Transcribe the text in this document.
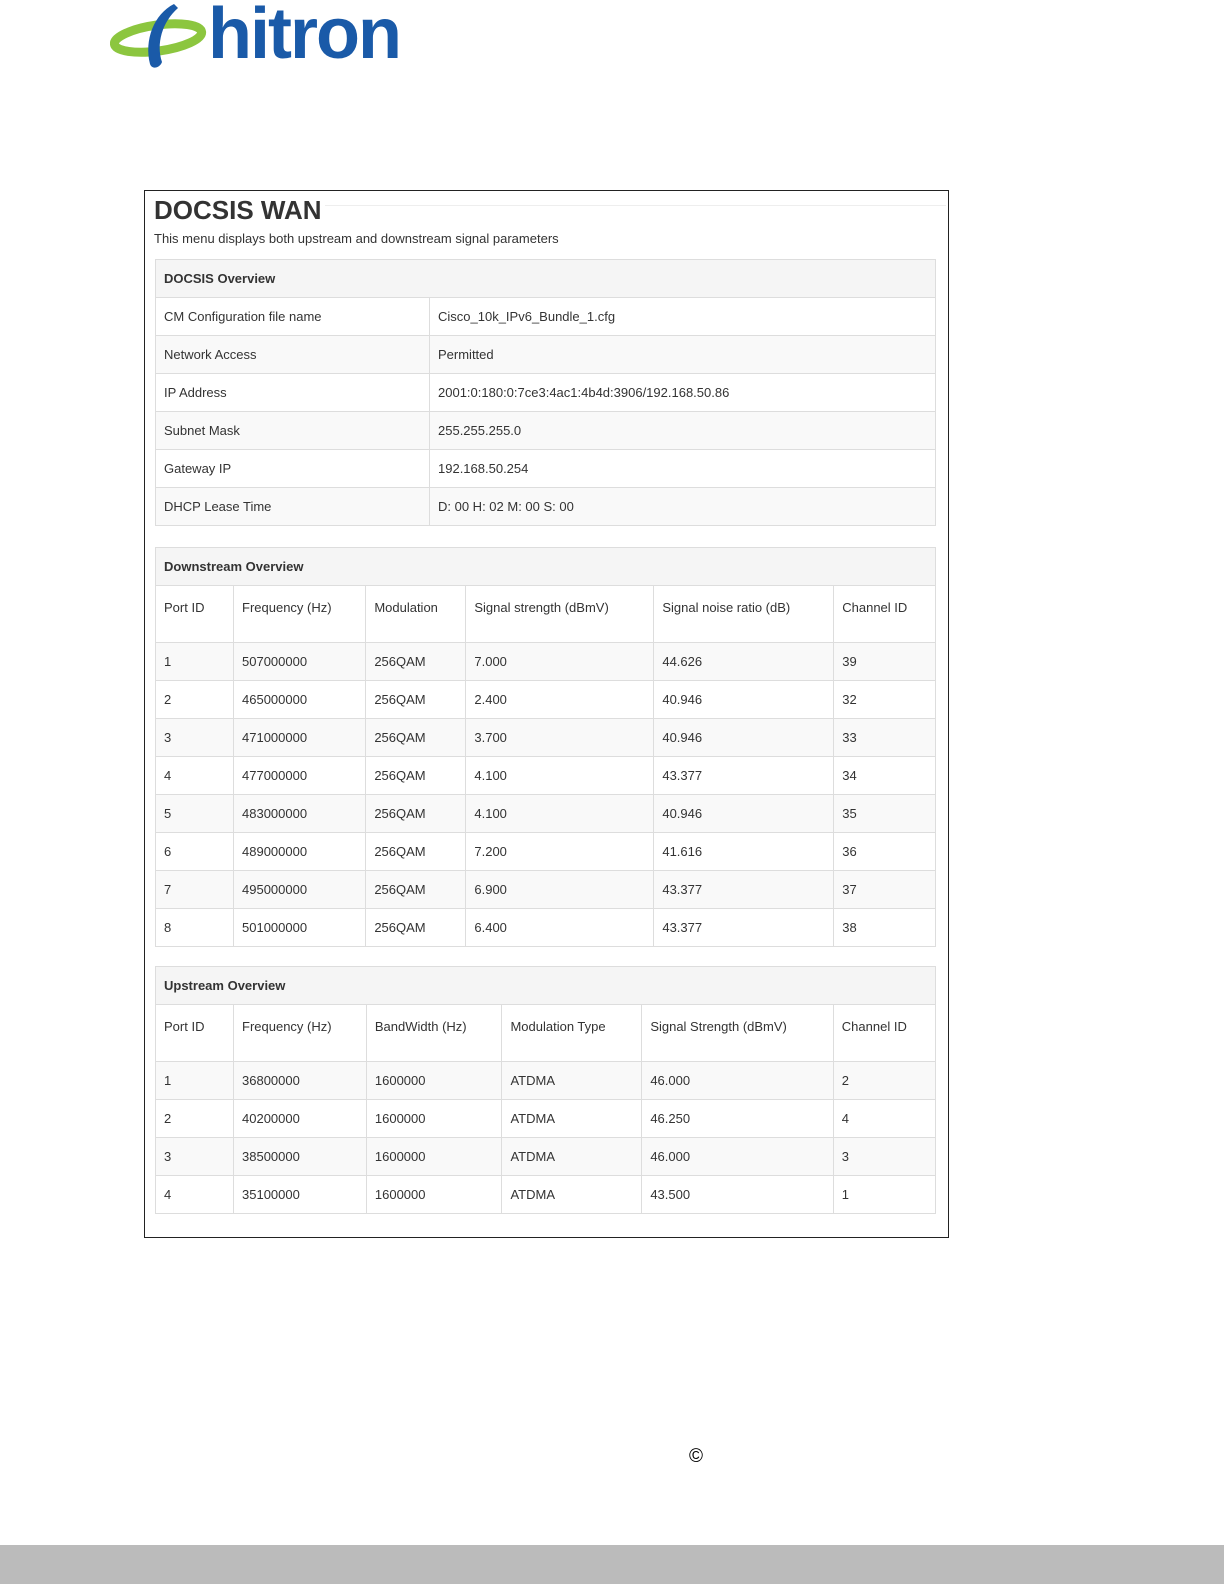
hitron
DOCSIS WAN
This menu displays both upstream and downstream signal parameters
DOCSIS Overview
CM Configuration file name	Cisco_10k_IPv6_Bundle_1.cfg
Network Access	Permitted
IP Address	2001:0:180:0:7ce3:4ac1:4b4d:3906/192.168.50.86
Subnet Mask	255.255.255.0
Gateway IP	192.168.50.254
DHCP Lease Time	D: 00 H: 02 M: 00 S: 00
Downstream Overview
Port ID	Frequency (Hz)	Modulation	Signal strength (dBmV)	Signal noise ratio (dB)	Channel ID
1	507000000	256QAM	7.000	44.626	39
2	465000000	256QAM	2.400	40.946	32
3	471000000	256QAM	3.700	40.946	33
4	477000000	256QAM	4.100	43.377	34
5	483000000	256QAM	4.100	40.946	35
6	489000000	256QAM	7.200	41.616	36
7	495000000	256QAM	6.900	43.377	37
8	501000000	256QAM	6.400	43.377	38
Upstream Overview
Port ID	Frequency (Hz)	BandWidth (Hz)	Modulation Type	Signal Strength (dBmV)	Channel ID
1	36800000	1600000	ATDMA	46.000	2
2	40200000	1600000	ATDMA	46.250	4
3	38500000	1600000	ATDMA	46.000	3
4	35100000	1600000	ATDMA	43.500	1
©
